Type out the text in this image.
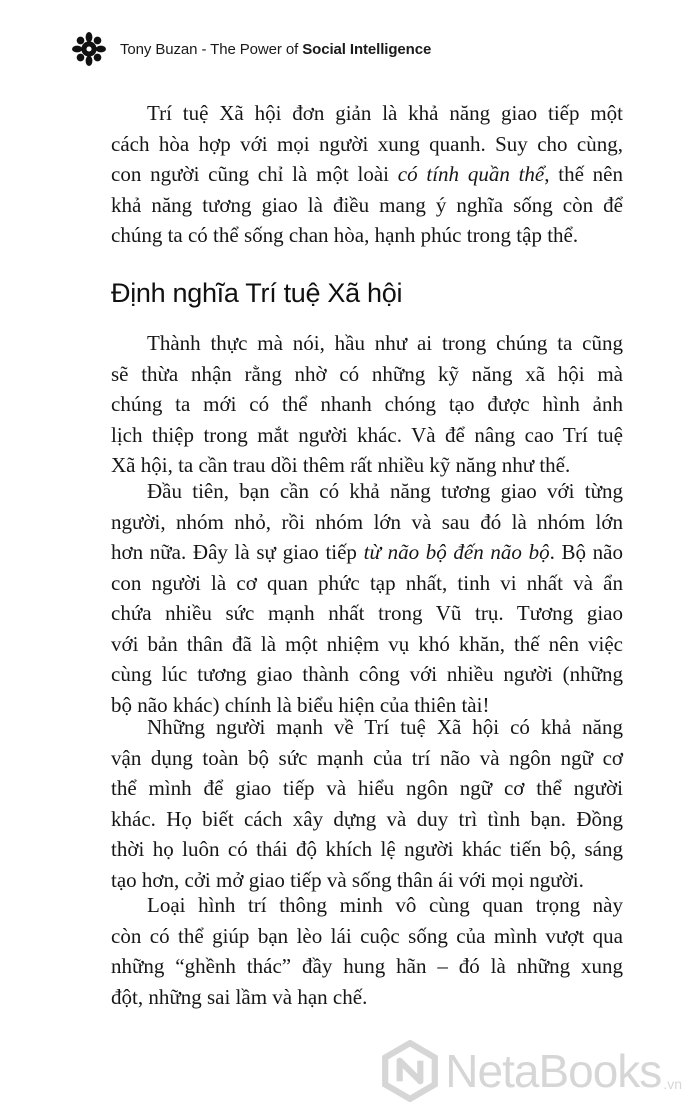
Tony Buzan - The Power of Social Intelligence
Trí tuệ Xã hội đơn giản là khả năng giao tiếp một
cách hòa hợp với mọi người xung quanh. Suy cho cùng,
con người cũng chỉ là một loài có tính quần thể, thế nên
khả năng tương giao là điều mang ý nghĩa sống còn để
chúng ta có thể sống chan hòa, hạnh phúc trong tập thể.
Định nghĩa Trí tuệ Xã hội
Thành thực mà nói, hầu như ai trong chúng ta cũng
sẽ thừa nhận rằng nhờ có những kỹ năng xã hội mà
chúng ta mới có thể nhanh chóng tạo được hình ảnh
lịch thiệp trong mắt người khác. Và để nâng cao Trí tuệ
Xã hội, ta cần trau dồi thêm rất nhiều kỹ năng như thế.
Đầu tiên, bạn cần có khả năng tương giao với từng
người, nhóm nhỏ, rồi nhóm lớn và sau đó là nhóm lớn
hơn nữa. Đây là sự giao tiếp từ não bộ đến não bộ. Bộ não
con người là cơ quan phức tạp nhất, tinh vi nhất và ẩn
chứa nhiều sức mạnh nhất trong Vũ trụ. Tương giao
với bản thân đã là một nhiệm vụ khó khăn, thế nên việc
cùng lúc tương giao thành công với nhiều người (những
bộ não khác) chính là biểu hiện của thiên tài!
Những người mạnh về Trí tuệ Xã hội có khả năng
vận dụng toàn bộ sức mạnh của trí não và ngôn ngữ cơ
thể mình để giao tiếp và hiểu ngôn ngữ cơ thể người
khác. Họ biết cách xây dựng và duy trì tình bạn. Đồng
thời họ luôn có thái độ khích lệ người khác tiến bộ, sáng
tạo hơn, cởi mở giao tiếp và sống thân ái với mọi người.
Loại hình trí thông minh vô cùng quan trọng này
còn có thể giúp bạn lèo lái cuộc sống của mình vượt qua
những “ghềnh thác” đầy hung hãn – đó là những xung
đột, những sai lầm và hạn chế.
NetaBooks .vn
